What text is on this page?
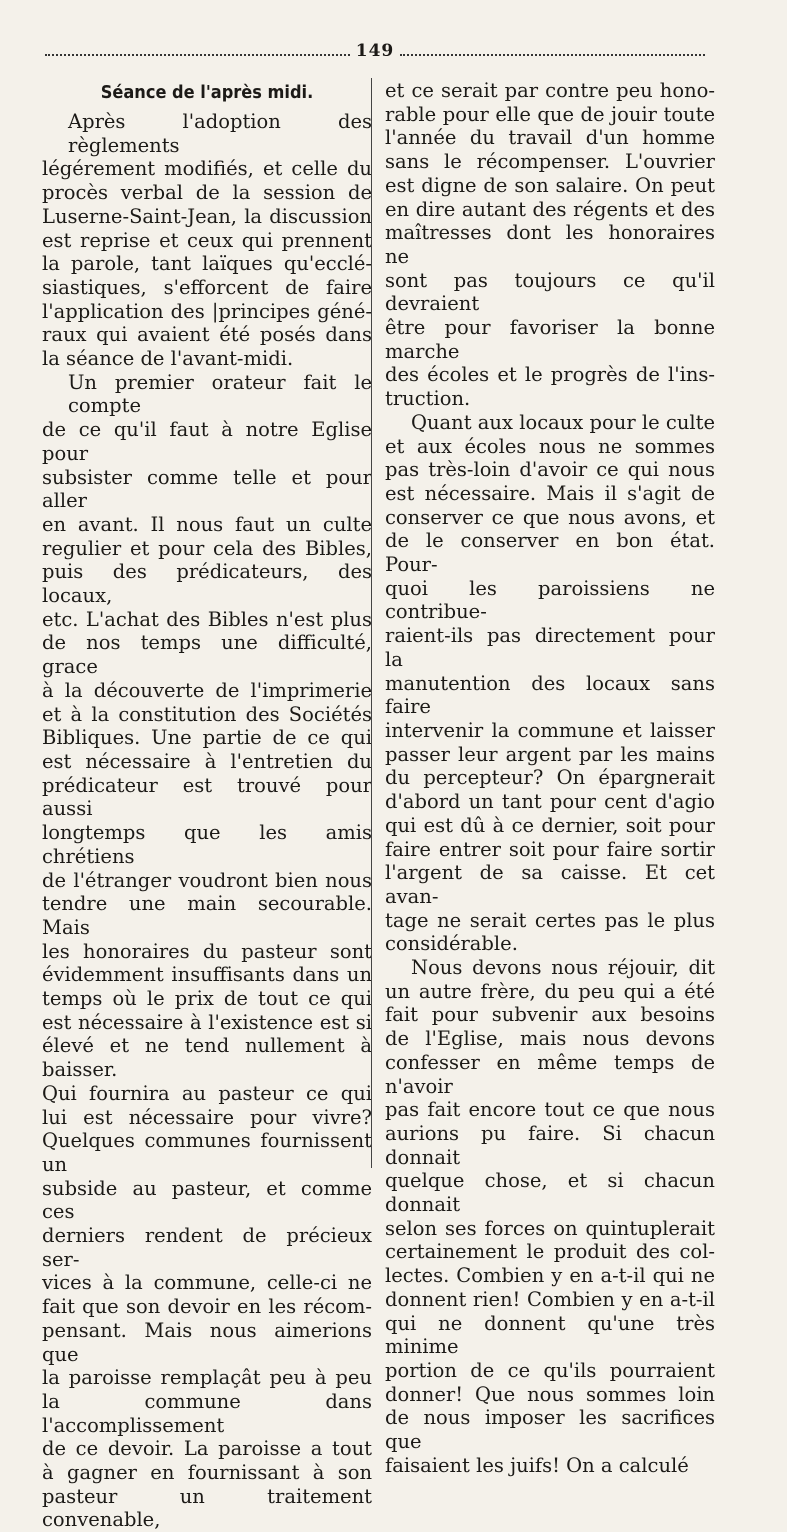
149
Séance de l'après midi.
Après l'adoption des règlements
légérement modifiés, et celle du
procès verbal de la session de
Luserne-Saint-Jean, la discussion
est reprise et ceux qui prennent
la parole, tant laïques qu'ecclé-
siastiques, s'efforcent de faire
l'application des |principes géné-
raux qui avaient été posés dans
la séance de l'avant-midi.
Un premier orateur fait le compte
de ce qu'il faut à notre Eglise pour
subsister comme telle et pour aller
en avant. Il nous faut un culte
regulier et pour cela des Bibles,
puis des prédicateurs, des locaux,
etc. L'achat des Bibles n'est plus
de nos temps une difficulté, grace
à la découverte de l'imprimerie
et à la constitution des Sociétés
Bibliques. Une partie de ce qui
est nécessaire à l'entretien du
prédicateur est trouvé pour aussi
longtemps que les amis chrétiens
de l'étranger voudront bien nous
tendre une main secourable. Mais
les honoraires du pasteur sont
évidemment insuffisants dans un
temps où le prix de tout ce qui
est nécessaire à l'existence est si
élevé et ne tend nullement à baisser.
Qui fournira au pasteur ce qui
lui est nécessaire pour vivre?
Quelques communes fournissent un
subside au pasteur, et comme ces
derniers rendent de précieux ser-
vices à la commune, celle-ci ne
fait que son devoir en les récom-
pensant. Mais nous aimerions que
la paroisse remplaçât peu à peu
la commune dans l'accomplissement
de ce devoir. La paroisse a tout
à gagner en fournissant à son
pasteur un traitement convenable,
et ce serait par contre peu hono-
rable pour elle que de jouir toute
l'année du travail d'un homme
sans le récompenser. L'ouvrier
est digne de son salaire. On peut
en dire autant des régents et des
maîtresses dont les honoraires ne
sont pas toujours ce qu'il devraient
être pour favoriser la bonne marche
des écoles et le progrès de l'ins-
truction.
Quant aux locaux pour le culte
et aux écoles nous ne sommes
pas très-loin d'avoir ce qui nous
est nécessaire. Mais il s'agit de
conserver ce que nous avons, et
de le conserver en bon état. Pour-
quoi les paroissiens ne contribue-
raient-ils pas directement pour la
manutention des locaux sans faire
intervenir la commune et laisser
passer leur argent par les mains
du percepteur? On épargnerait
d'abord un tant pour cent d'agio
qui est dû à ce dernier, soit pour
faire entrer soit pour faire sortir
l'argent de sa caisse. Et cet avan-
tage ne serait certes pas le plus
considérable.
Nous devons nous réjouir, dit
un autre frère, du peu qui a été
fait pour subvenir aux besoins
de l'Eglise, mais nous devons
confesser en même temps de n'avoir
pas fait encore tout ce que nous
aurions pu faire. Si chacun donnait
quelque chose, et si chacun donnait
selon ses forces on quintuplerait
certainement le produit des col-
lectes. Combien y en a-t-il qui ne
donnent rien! Combien y en a-t-il
qui ne donnent qu'une très minime
portion de ce qu'ils pourraient
donner! Que nous sommes loin
de nous imposer les sacrifices que
faisaient les juifs! On a calculé
